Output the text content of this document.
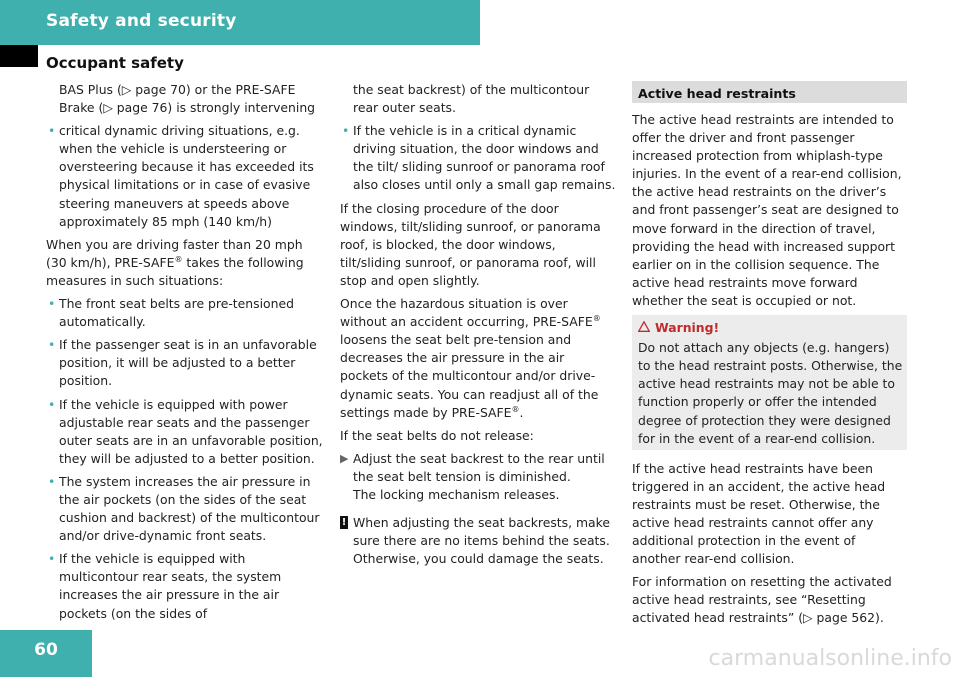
Safety and security
Occupant safety
BAS Plus (▷ page 70) or the PRE-SAFE
Brake (▷ page 76) is strongly intervening
• critical dynamic driving situations, e.g. when the vehicle is understeering or oversteering because it has exceeded its physical limitations or in case of evasive steering maneuvers at speeds above approximately 85 mph (140 km/h)

When you are driving faster than 20 mph (30 km/h), PRE-SAFE® takes the following measures in such situations:

• The front seat belts are pre-tensioned automatically.
• If the passenger seat is in an unfavorable position, it will be adjusted to a better position.
• If the vehicle is equipped with power adjustable rear seats and the passenger outer seats are in an unfavorable position, they will be adjusted to a better position.
• The system increases the air pressure in the air pockets (on the sides of the seat cushion and backrest) of the multicontour and/or drive-dynamic front seats.
• If the vehicle is equipped with multicontour rear seats, the system increases the air pressure in the air pockets (on the sides of
the seat backrest) of the multicontour rear outer seats.
• If the vehicle is in a critical dynamic driving situation, the door windows and the tilt/ sliding sunroof or panorama roof also closes until only a small gap remains.

If the closing procedure of the door windows, tilt/sliding sunroof, or panorama roof, is blocked, the door windows, tilt/sliding sunroof, or panorama roof, will stop and open slightly.

Once the hazardous situation is over without an accident occurring, PRE-SAFE® loosens the seat belt pre-tension and decreases the air pressure in the air pockets of the multicontour and/or drive-dynamic seats. You can readjust all of the settings made by PRE-SAFE®.

If the seat belts do not release:

▶ Adjust the seat backrest to the rear until the seat belt tension is diminished.
The locking mechanism releases.
! When adjusting the seat backrests, make sure there are no items behind the seats. Otherwise, you could damage the seats.
Active head restraints

The active head restraints are intended to offer the driver and front passenger increased protection from whiplash-type injuries. In the event of a rear-end collision, the active head restraints on the driver’s and front passenger’s seat are designed to move forward in the direction of travel, providing the head with increased support earlier on in the collision sequence. The active head restraints move forward whether the seat is occupied or not.

Warning!
Do not attach any objects (e.g. hangers) to the head restraint posts. Otherwise, the active head restraints may not be able to function properly or offer the intended degree of protection they were designed for in the event of a rear-end collision.

If the active head restraints have been triggered in an accident, the active head restraints must be reset. Otherwise, the active head restraints cannot offer any additional protection in the event of another rear-end collision.

For information on resetting the activated active head restraints, see “Resetting activated head restraints” (▷ page 562).

60	carmanualsonline.info
